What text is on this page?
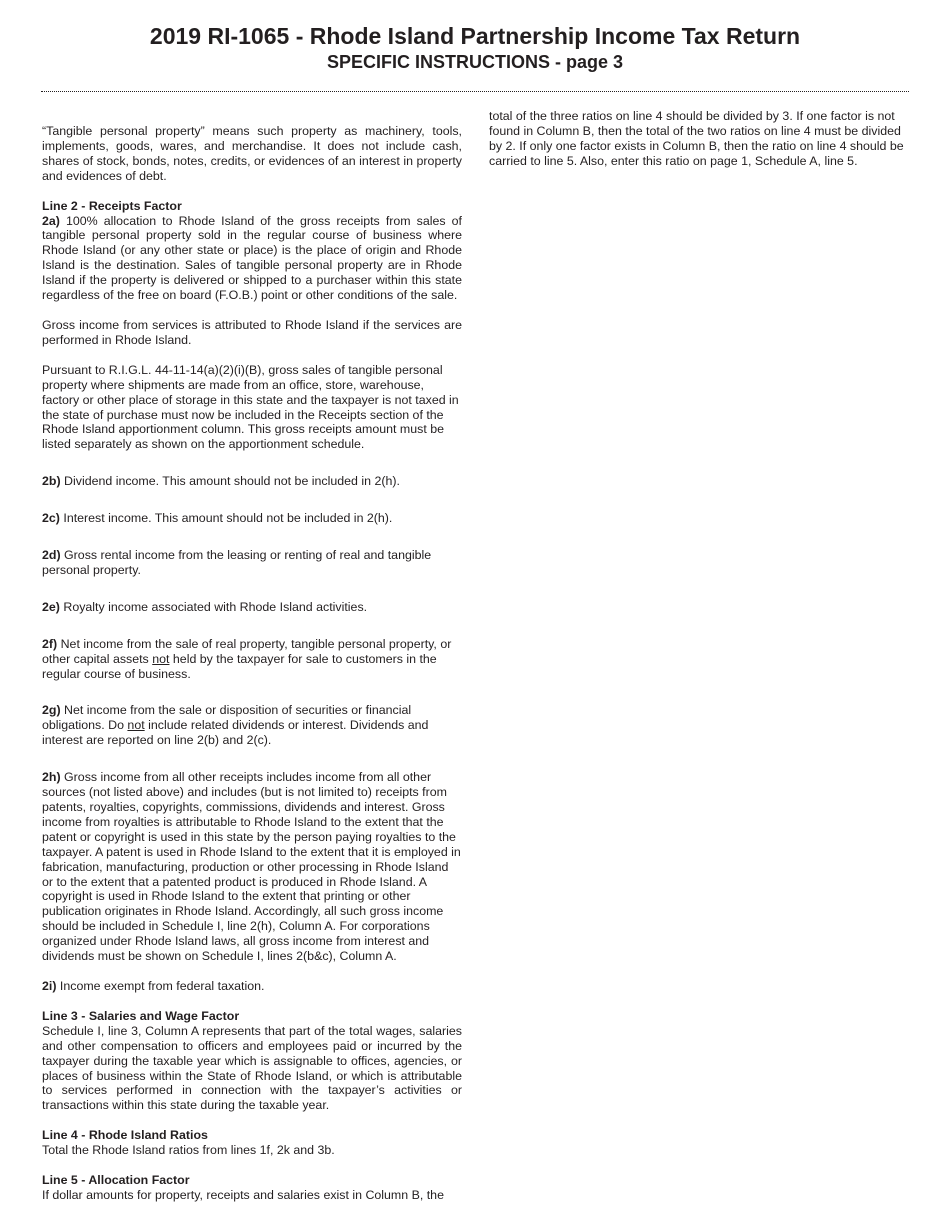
2019 RI-1065 - Rhode Island Partnership Income Tax Return
SPECIFIC INSTRUCTIONS - page 3

“Tangible personal property” means such property as machinery, tools, implements, goods, wares, and merchandise. It does not include cash, shares of stock, bonds, notes, credits, or evidences of an interest in property and evidences of debt.

Line 2 - Receipts Factor

2a) 100% allocation to Rhode Island of the gross receipts from sales of tangible personal property sold in the regular course of business where Rhode Island (or any other state or place) is the place of origin and Rhode Island is the destination. Sales of tangible personal property are in Rhode Island if the property is delivered or shipped to a purchaser within this state regardless of the free on board (F.O.B.) point or other conditions of the sale.

Gross income from services is attributed to Rhode Island if the services are performed in Rhode Island.

Pursuant to R.I.G.L. 44-11-14(a)(2)(i)(B), gross sales of tangible personal property where shipments are made from an office, store, warehouse, factory or other place of storage in this state and the taxpayer is not taxed in the state of purchase must now be included in the Receipts section of the Rhode Island apportionment column. This gross receipts amount must be listed separately as shown on the apportionment schedule.

2b) Dividend income. This amount should not be included in 2(h).

2c) Interest income. This amount should not be included in 2(h).

2d) Gross rental income from the leasing or renting of real and tangible personal property.

2e) Royalty income associated with Rhode Island activities.

2f) Net income from the sale of real property, tangible personal property, or other capital assets not held by the taxpayer for sale to customers in the regular course of business.

2g) Net income from the sale or disposition of securities or financial obligations. Do not include related dividends or interest. Dividends and interest are reported on line 2(b) and 2(c).

2h) Gross income from all other receipts includes income from all other sources (not listed above) and includes (but is not limited to) receipts from patents, royalties, copyrights, commissions, dividends and interest. Gross income from royalties is attributable to Rhode Island to the extent that the patent or copyright is used in this state by the person paying royalties to the taxpayer. A patent is used in Rhode Island to the extent that it is employed in fabrication, manufacturing, production or other processing in Rhode Island or to the extent that a patented product is produced in Rhode Island. A copyright is used in Rhode Island to the extent that printing or other publication originates in Rhode Island. Accordingly, all such gross income should be included in Schedule I, line 2(h), Column A. For corporations organized under Rhode Island laws, all gross income from interest and dividends must be shown on Schedule I, lines 2(b&c), Column A.

2i) Income exempt from federal taxation.

Line 3 - Salaries and Wage Factor

Schedule I, line 3, Column A represents that part of the total wages, salaries and other compensation to officers and employees paid or incurred by the taxpayer during the taxable year which is assignable to offices, agencies, or places of business within the State of Rhode Island, or which is attributable to services performed in connection with the taxpayer’s activities or transactions within this state during the taxable year.

Line 4 - Rhode Island Ratios

Total the Rhode Island ratios from lines 1f, 2k and 3b.

Line 5 - Allocation Factor

If dollar amounts for property, receipts and salaries exist in Column B, the

total of the three ratios on line 4 should be divided by 3. If one factor is not found in Column B, then the total of the two ratios on line 4 must be divided by 2. If only one factor exists in Column B, then the ratio on line 4 should be carried to line 5. Also, enter this ratio on page 1, Schedule A, line 5.
